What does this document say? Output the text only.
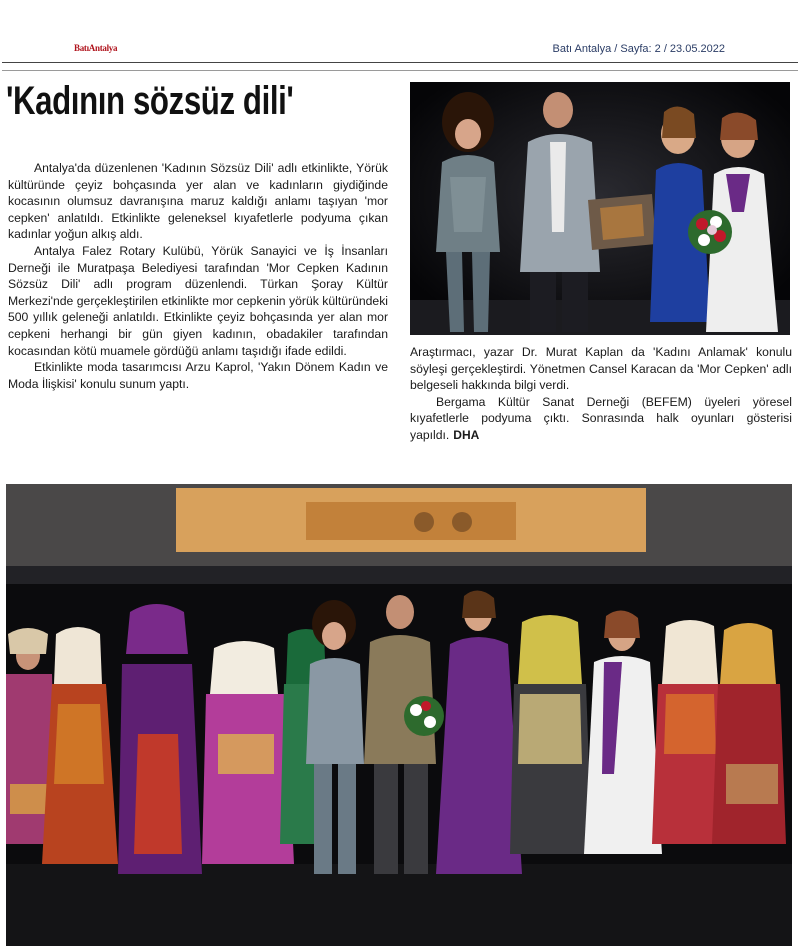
BatıAntalya	Batı Antalya / Sayfa: 2 / 23.05.2022
'Kadının sözsüz dili'

Antalya'da düzenlenen 'Kadının Sözsüz Dili' adlı etkinlikte, Yörük kültüründe çeyiz bohçasında yer alan ve kadınların giydiğinde kocasının olumsuz davranışına maruz kaldığı anlamı taşıyan 'mor cepken' anlatıldı. Etkinlikte geleneksel kıyafetlerle podyuma çıkan kadınlar yoğun alkış aldı.

Antalya Falez Rotary Kulübü, Yörük Sanayici ve İş İnsanları Derneği ile Muratpaşa Belediyesi tarafından 'Mor Cepken Kadının Sözsüz Dili' adlı program düzenlendi. Türkan Şoray Kültür Merkezi'nde gerçekleştirilen etkinlikte mor cepkenin yörük kültüründeki 500 yıllık geleneği anlatıldı. Etkinlikte çeyiz bohçasında yer alan mor cepkeni herhangi bir gün giyen kadının, obadakiler tarafından kocasından kötü muamele gördüğü anlamı taşıdığı ifade edildi.

Etkinlikte moda tasarımcısı Arzu Kaprol, 'Yakın Dönem Kadın ve Moda İlişkisi' konulu sunum yaptı.

Araştırmacı, yazar Dr. Murat Kaplan da 'Kadını Anlamak' konulu söyleşi gerçekleştirdi. Yönetmen Cansel Karacan da 'Mor Cepken' adlı belgeseli hakkında bilgi verdi.

Bergama Kültür Sanat Derneği (BEFEM) üyeleri yöresel kıyafetlerle podyuma çıktı. Sonrasında halk oyunları gösterisi yapıldı. DHA
